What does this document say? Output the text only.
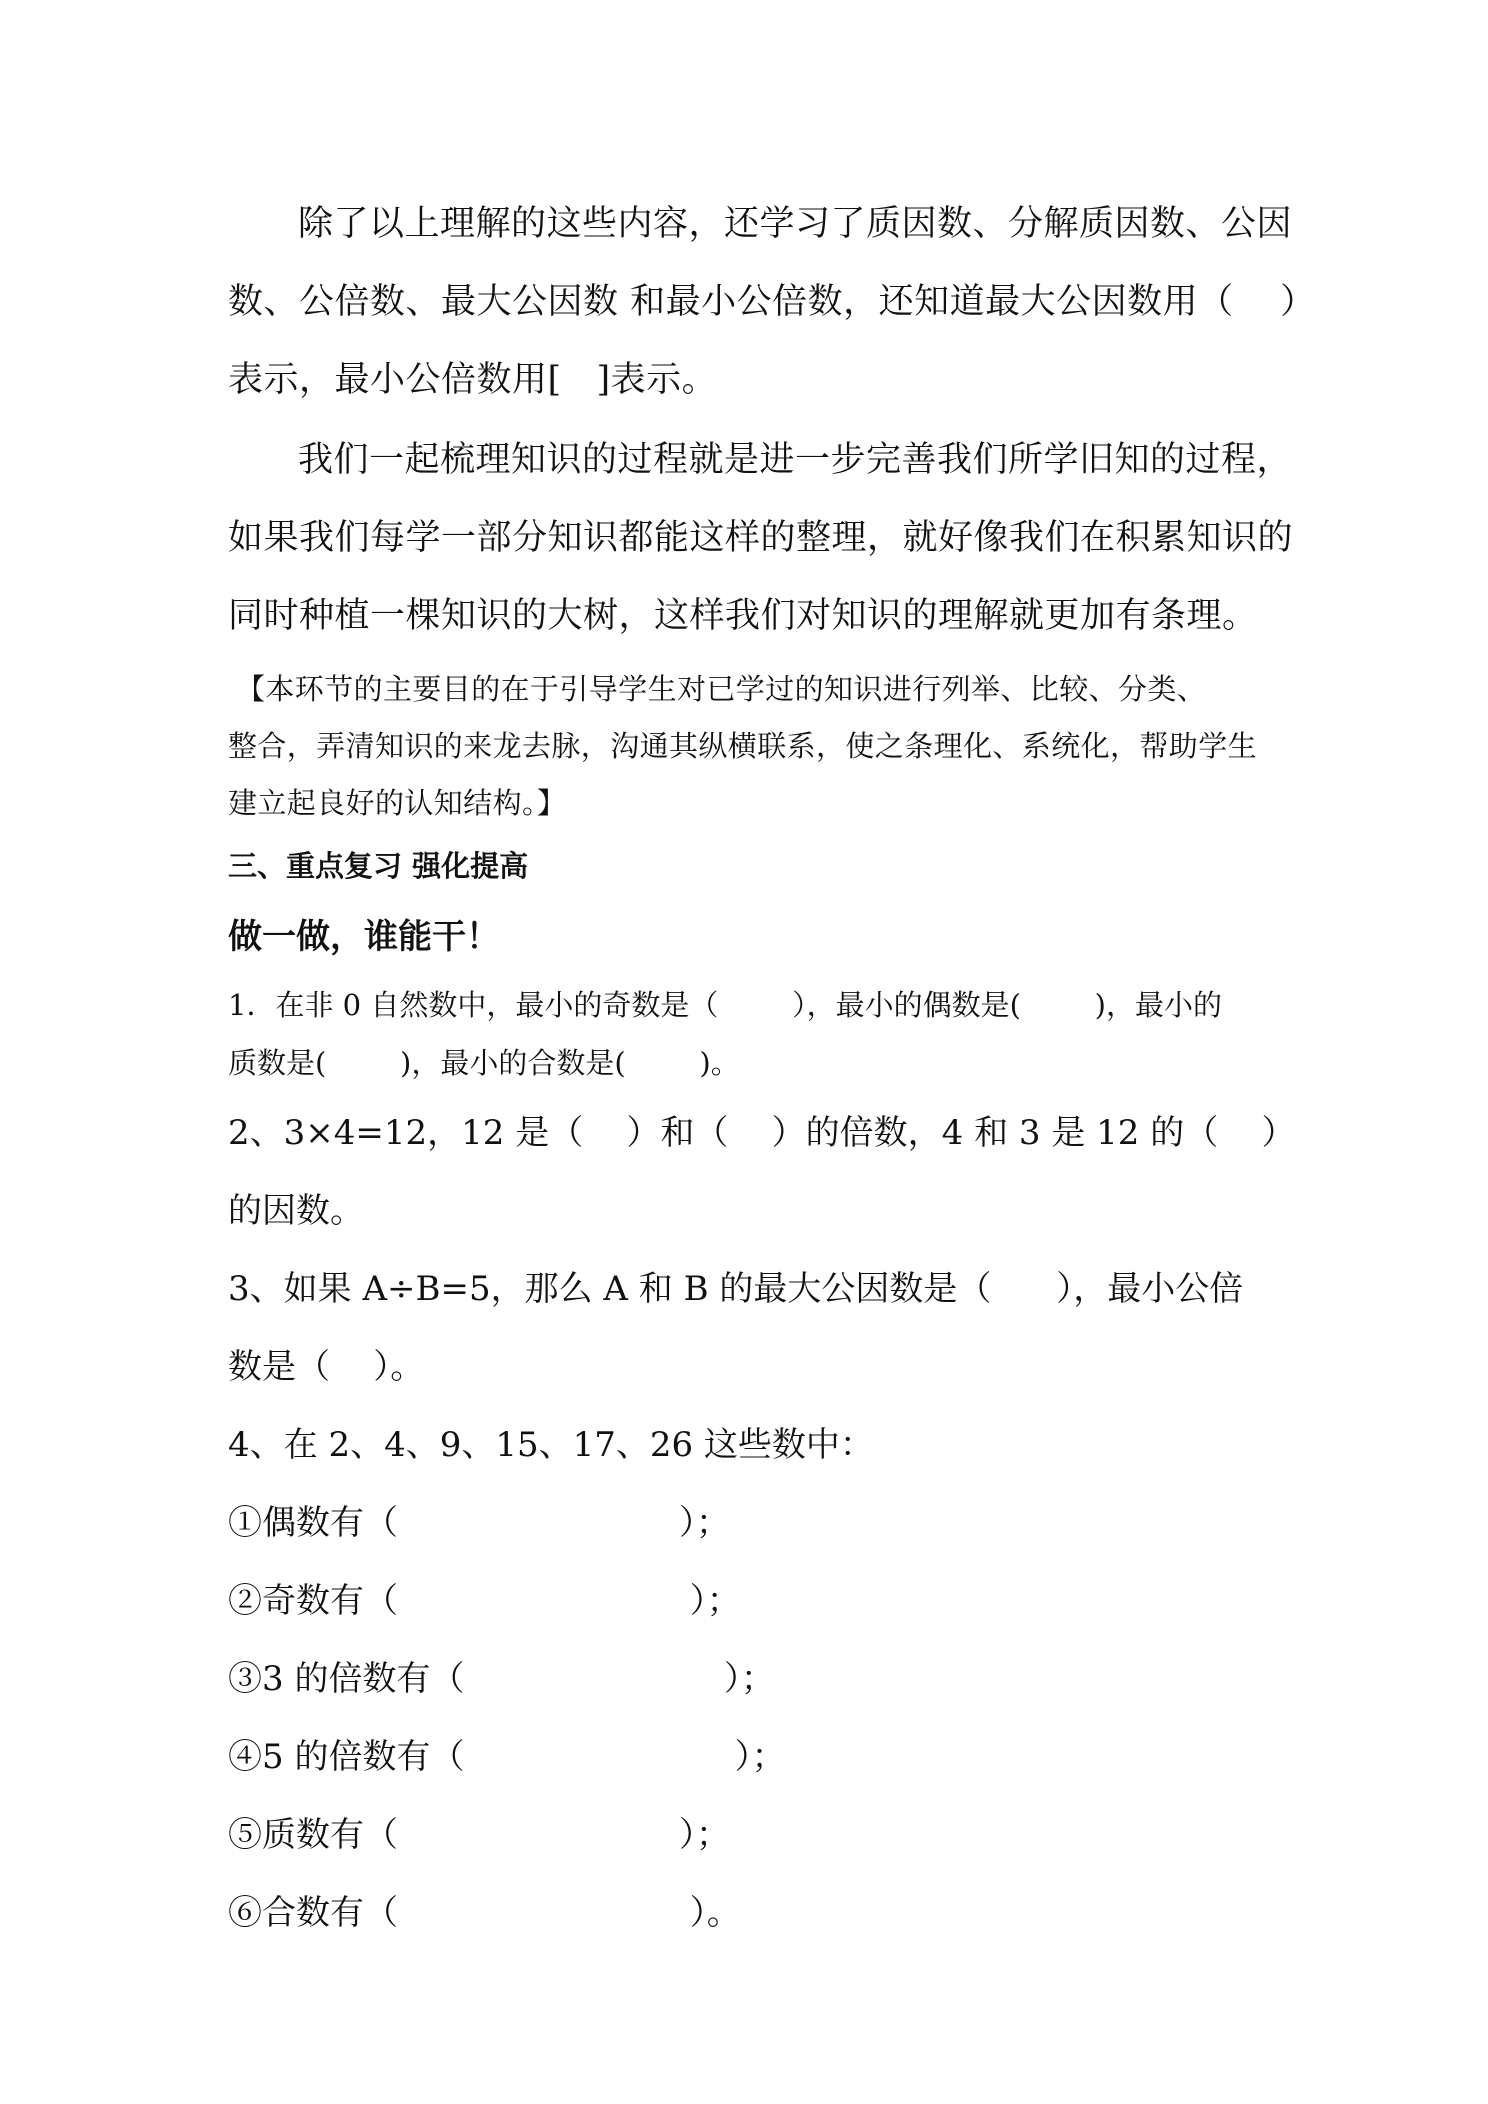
除了以上理解的这些内容，还学习了质因数、分解质因数、公因
数、公倍数、最大公因数 和最小公倍数，还知道最大公因数用（    ）
表示，最小公倍数用[   ]表示。

我们一起梳理知识的过程就是进一步完善我们所学旧知的过程，
如果我们每学一部分知识都能这样的整理，就好像我们在积累知识的
同时种植一棵知识的大树，这样我们对知识的理解就更加有条理。

【本环节的主要目的在于引导学生对已学过的知识进行列举、比较、分类、
整合，弄清知识的来龙去脉，沟通其纵横联系，使之条理化、系统化，帮助学生
建立起良好的认知结构。】
三、重点复习 强化提高
做一做，谁能干！
1．在非 0 自然数中，最小的奇数是（        ），最小的偶数是(        )，最小的
质数是(        )，最小的合数是(        )。
2、3×4=12，12 是（    ）和（    ）的倍数，4 和 3 是 12 的（    ）
的因数。
3、如果 A÷B=5，那么 A 和 B 的最大公因数是（      ），最小公倍
数是（    ）。
4、在 2、4、9、15、17、26 这些数中：
①偶数有（                          ）；
②奇数有（                           ）；
③3 的倍数有（                        ）；
④5 的倍数有（                         ）；
⑤质数有（                          ）；
⑥合数有（                           ）。
